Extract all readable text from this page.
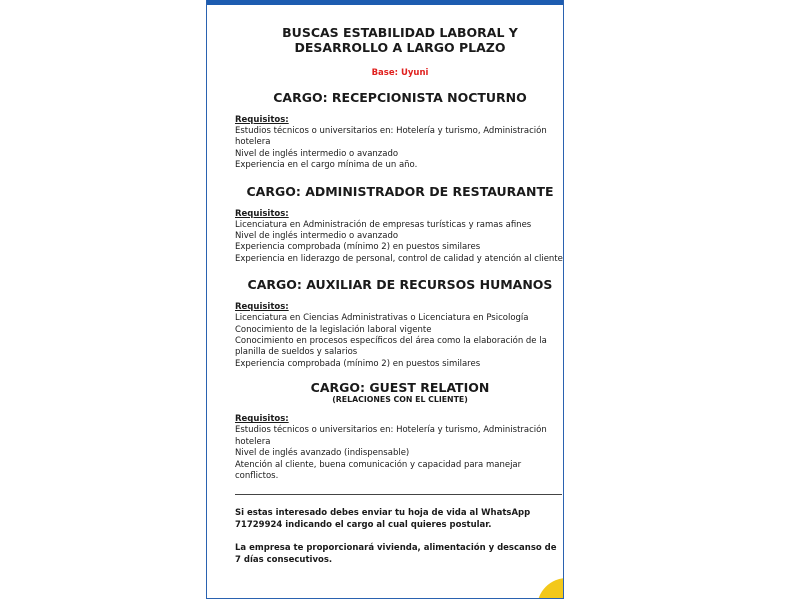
BUSCAS ESTABILIDAD LABORAL Y DESARROLLO A LARGO PLAZO
Base: Uyuni
CARGO: RECEPCIONISTA NOCTURNO
Requisitos:
Estudios técnicos o universitarios en: Hotelería y turismo, Administración hotelera
Nivel de inglés intermedio o avanzado
Experiencia en el cargo mínima de un año.
CARGO: ADMINISTRADOR DE RESTAURANTE
Requisitos:
Licenciatura en Administración de empresas turísticas y ramas afines
Nivel de inglés intermedio o avanzado
Experiencia comprobada (mínimo 2) en puestos similares
Experiencia en liderazgo de personal, control de calidad y atención al cliente
CARGO: AUXILIAR DE RECURSOS HUMANOS
Requisitos:
Licenciatura en Ciencias Administrativas o Licenciatura en Psicología
Conocimiento de la legislación laboral vigente
Conocimiento en procesos específicos del área como la elaboración de la planilla de sueldos y salarios
Experiencia comprobada (mínimo 2) en puestos similares
CARGO: GUEST RELATION
(RELACIONES CON EL CLIENTE)
Requisitos:
Estudios técnicos o universitarios en: Hotelería y turismo, Administración hotelera
Nivel de inglés avanzado (indispensable)
Atención al cliente, buena comunicación y capacidad para manejar conflictos.
Si estas interesado debes enviar tu hoja de vida al WhatsApp 71729924 indicando el cargo al cual quieres postular.
La empresa te proporcionará vivienda, alimentación y descanso de 7 días consecutivos.
